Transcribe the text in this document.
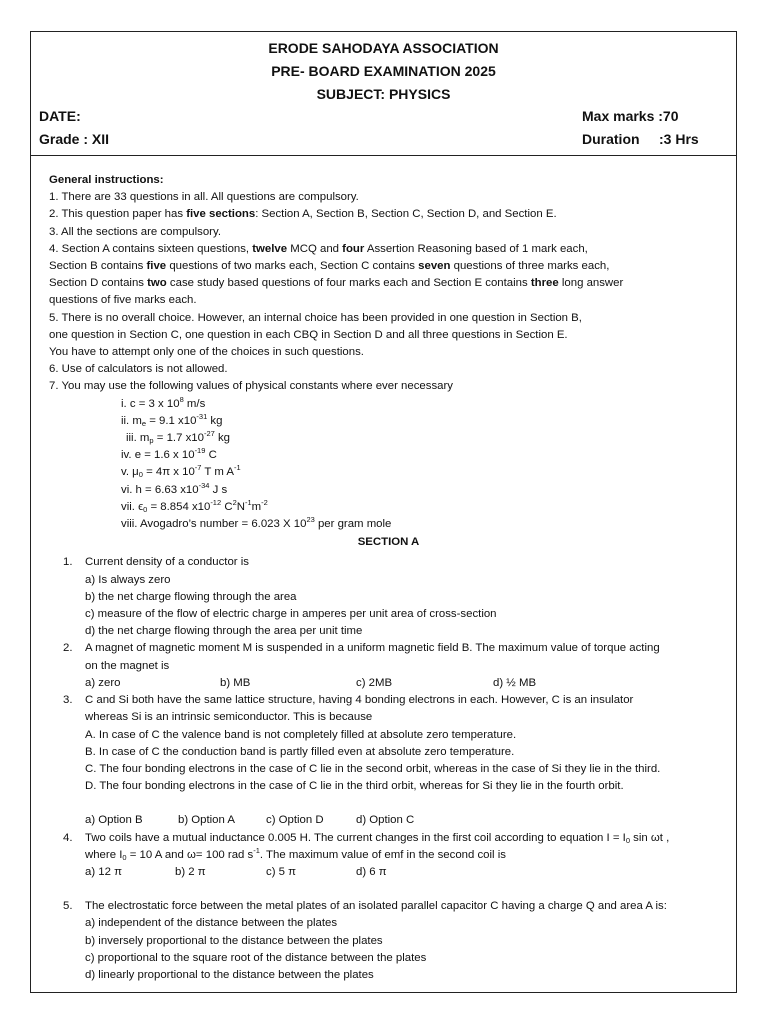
ERODE SAHODAYA ASSOCIATION
PRE- BOARD EXAMINATION 2025
SUBJECT: PHYSICS
DATE:	Max marks :70
Grade : XII	Duration :3 Hrs
General instructions:
1. There are 33 questions in all. All questions are compulsory.
2. This question paper has five sections: Section A, Section B, Section C, Section D, and Section E.
3. All the sections are compulsory.
4. Section A contains sixteen questions, twelve MCQ and four Assertion Reasoning based of 1 mark each,
Section B contains five questions of two marks each, Section C contains seven questions of three marks each,
Section D contains two case study based questions of four marks each and Section E contains three long answer
questions of five marks each.
5. There is no overall choice. However, an internal choice has been provided in one question in Section B,
one question in Section C, one question in each CBQ in Section D and all three questions in Section E.
You have to attempt only one of the choices in such questions.
6. Use of calculators is not allowed.
7. You may use the following values of physical constants where ever necessary
i. c = 3 x $10^8$ m/s
ii. $m_e = 9.1$ $x10^{-31}$ kg
iii. $m_p = 1.7$ $x10^{-27}$ kg
iv. e = 1.6 x $10^{-19}$ C
v. $\mu_0 = 4\pi$ x $10^{-7}$ T m $A^{-1}$
vi. h = 6.63 $x10^{-34}$ J s
vii. $\epsilon_0 = 8.854$ $x10^{-12}$ $C^2N^{-1}m^{-2}$
viii. Avogadro’s number = 6.023 X $10^{23}$ per gram mole
SECTION A
1. Current density of a conductor is
a) Is always zero
b) the net charge flowing through the area
c) measure of the flow of electric charge in amperes per unit area of cross-section
d) the net charge flowing through the area per unit time
2. A magnet of magnetic moment M is suspended in a uniform magnetic field B. The maximum value of torque acting
on the magnet is
a) zero	b) MB	c) 2MB	d) ½ MB
3. C and Si both have the same lattice structure, having 4 bonding electrons in each. However, C is an insulator
whereas Si is an intrinsic semiconductor. This is because
A. In case of C the valence band is not completely filled at absolute zero temperature.
B. In case of C the conduction band is partly filled even at absolute zero temperature.
C. The four bonding electrons in the case of C lie in the second orbit, whereas in the case of Si they lie in the third.
D. The four bonding electrons in the case of C lie in the third orbit, whereas for Si they lie in the fourth orbit.
a) Option B	b) Option A	c) Option D	d) Option C
4. Two coils have a mutual inductance 0.005 H. The current changes in the first coil according to equation $I = I_0$ sin ωt ,
where $I_0 = 10$ A and ω= 100 rad $s^{-1}$. The maximum value of emf in the second coil is
a) 12 π	b) 2 π	c) 5 π	d) 6 π
5. The electrostatic force between the metal plates of an isolated parallel capacitor C having a charge Q and area A is:
a) independent of the distance between the plates
b) inversely proportional to the distance between the plates
c) proportional to the square root of the distance between the plates
d) linearly proportional to the distance between the plates
